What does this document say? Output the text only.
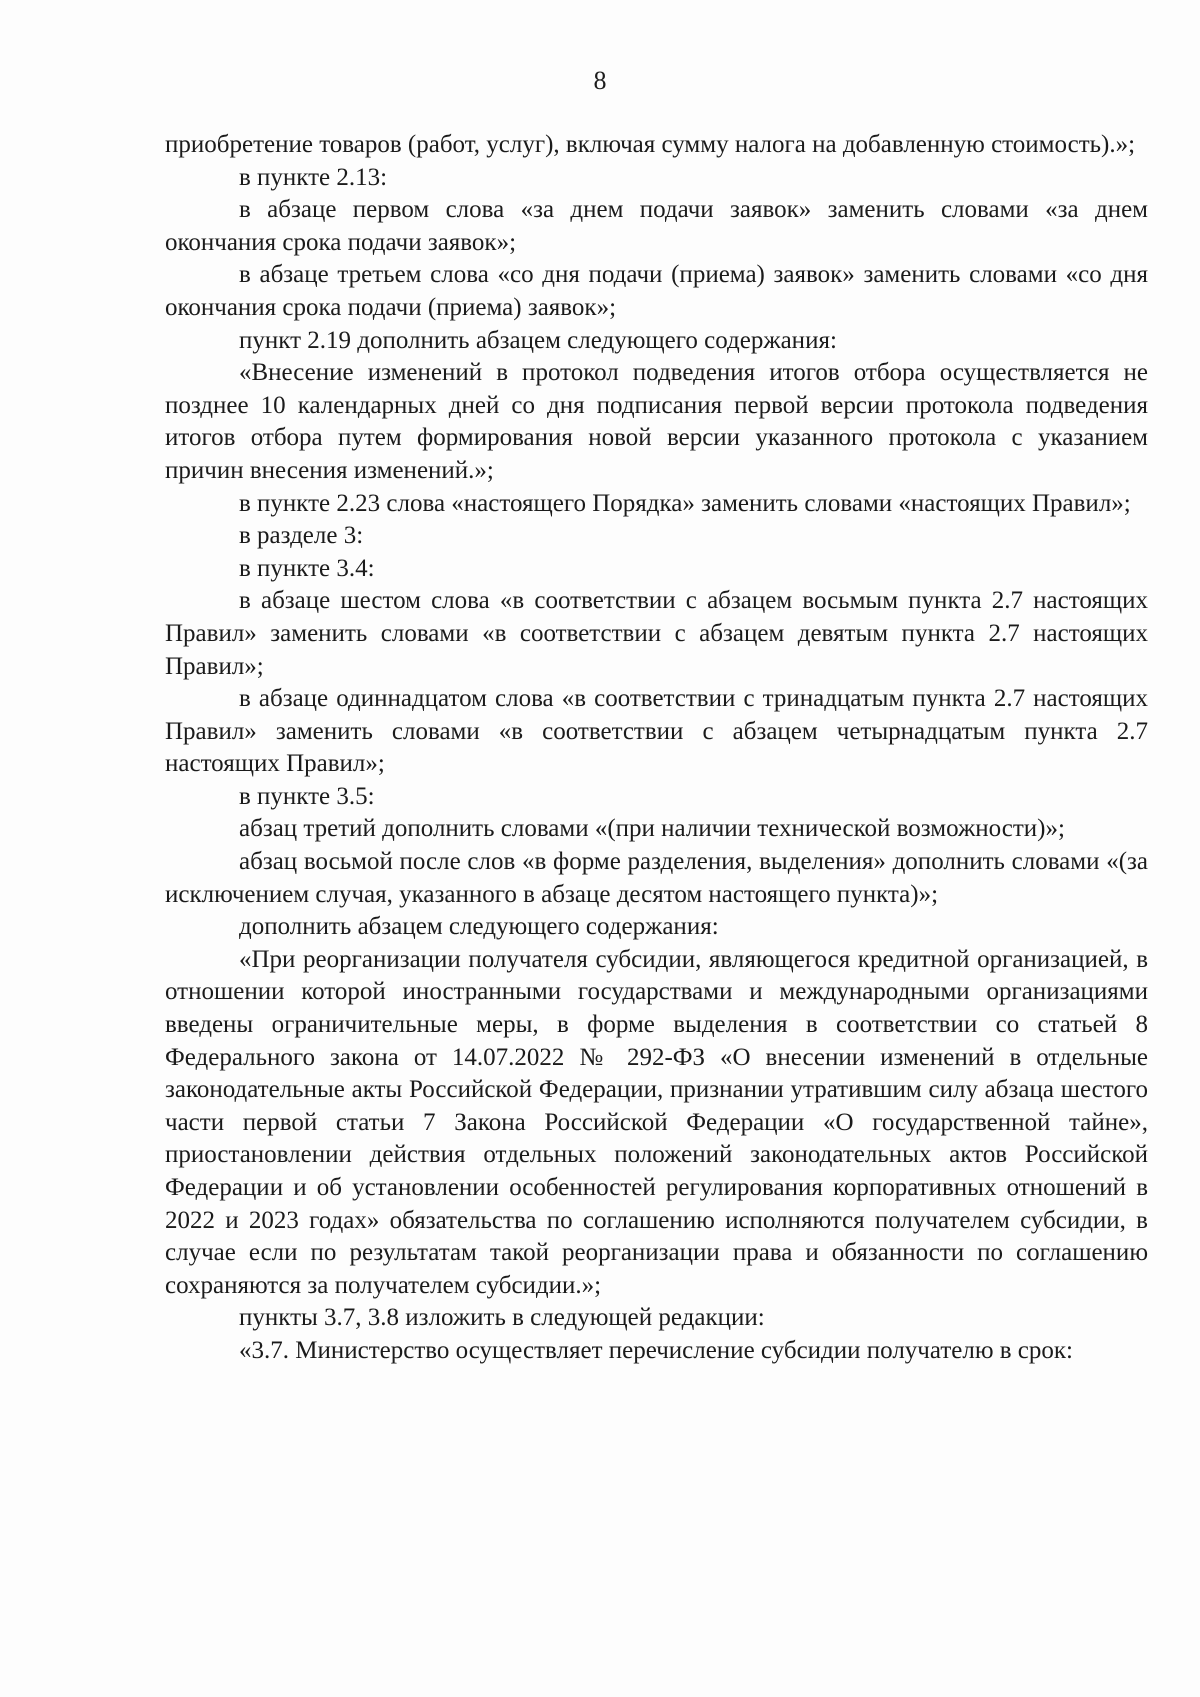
8

приобретение товаров (работ, услуг), включая сумму налога на добавленную стоимость).»;

в пункте 2.13:

в абзаце первом слова «за днем подачи заявок» заменить словами «за днем окончания срока подачи заявок»;

в абзаце третьем слова «со дня подачи (приема) заявок» заменить словами «со дня окончания срока подачи (приема) заявок»;

пункт 2.19 дополнить абзацем следующего содержания:

«Внесение изменений в протокол подведения итогов отбора осуществляется не позднее 10 календарных дней со дня подписания первой версии протокола подведения итогов отбора путем формирования новой версии указанного протокола с указанием причин внесения изменений.»;

в пункте 2.23 слова «настоящего Порядка» заменить словами «настоящих Правил»;

в разделе 3:

в пункте 3.4:

в абзаце шестом слова «в соответствии с абзацем восьмым пункта 2.7 настоящих Правил» заменить словами «в соответствии с абзацем девятым пункта 2.7 настоящих Правил»;

в абзаце одиннадцатом слова «в соответствии с тринадцатым пункта 2.7 настоящих Правил» заменить словами «в соответствии с абзацем четырнадцатым пункта 2.7 настоящих Правил»;

в пункте 3.5:

абзац третий дополнить словами «(при наличии технической возможности)»;

абзац восьмой после слов «в форме разделения, выделения» дополнить словами «(за исключением случая, указанного в абзаце десятом настоящего пункта)»;

дополнить абзацем следующего содержания:

«При реорганизации получателя субсидии, являющегося кредитной организацией, в отношении которой иностранными государствами и международными организациями введены ограничительные меры, в форме выделения в соответствии со статьей 8 Федерального закона от 14.07.2022 № 292-ФЗ «О внесении изменений в отдельные законодательные акты Российской Федерации, признании утратившим силу абзаца шестого части первой статьи 7 Закона Российской Федерации «О государственной тайне», приостановлении действия отдельных положений законодательных актов Российской Федерации и об установлении особенностей регулирования корпоративных отношений в 2022 и 2023 годах» обязательства по соглашению исполняются получателем субсидии, в случае если по результатам такой реорганизации права и обязанности по соглашению сохраняются за получателем субсидии.»;

пункты 3.7, 3.8 изложить в следующей редакции:

«3.7. Министерство осуществляет перечисление субсидии получателю в срок:
